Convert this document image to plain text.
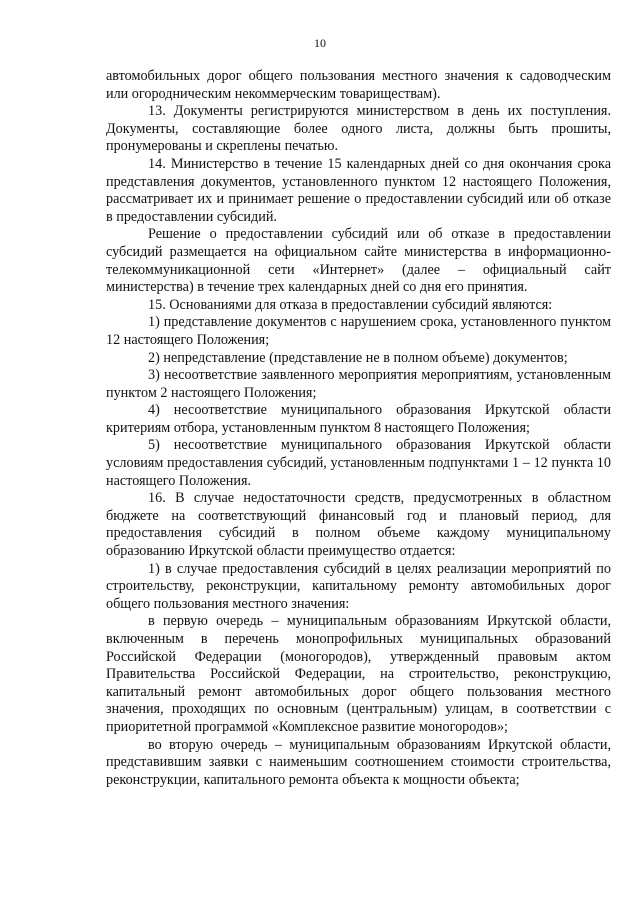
10

автомобильных дорог общего пользования местного значения к садоводческим или огородническим некоммерческим товариществам).

13. Документы регистрируются министерством в день их поступления. Документы, составляющие более одного листа, должны быть прошиты, пронумерованы и скреплены печатью.

14. Министерство в течение 15 календарных дней со дня окончания срока представления документов, установленного пунктом 12 настоящего Положения, рассматривает их и принимает решение о предоставлении субсидий или об отказе в предоставлении субсидий.

Решение о предоставлении субсидий или об отказе в предоставлении субсидий размещается на официальном сайте министерства в информационно-телекоммуникационной сети «Интернет» (далее – официальный сайт министерства) в течение трех календарных дней со дня его принятия.

15. Основаниями для отказа в предоставлении субсидий являются:

1) представление документов с нарушением срока, установленного пунктом 12 настоящего Положения;

2) непредставление (представление не в полном объеме) документов;

3) несоответствие заявленного мероприятия мероприятиям, установленным пунктом 2 настоящего Положения;

4) несоответствие муниципального образования Иркутской области критериям отбора, установленным пунктом 8 настоящего Положения;

5) несоответствие муниципального образования Иркутской области условиям предоставления субсидий, установленным подпунктами 1 – 12 пункта 10 настоящего Положения.

16. В случае недостаточности средств, предусмотренных в областном бюджете на соответствующий финансовый год и плановый период, для предоставления субсидий в полном объеме каждому муниципальному образованию Иркутской области преимущество отдается:

1) в случае предоставления субсидий в целях реализации мероприятий по строительству, реконструкции, капитальному ремонту автомобильных дорог общего пользования местного значения:

в первую очередь – муниципальным образованиям Иркутской области, включенным в перечень монопрофильных муниципальных образований Российской Федерации (моногородов), утвержденный правовым актом Правительства Российской Федерации, на строительство, реконструкцию, капитальный ремонт автомобильных дорог общего пользования местного значения, проходящих по основным (центральным) улицам, в соответствии с приоритетной программой «Комплексное развитие моногородов»;

во вторую очередь – муниципальным образованиям Иркутской области, представившим заявки с наименьшим соотношением стоимости строительства, реконструкции, капитального ремонта объекта к мощности объекта;
